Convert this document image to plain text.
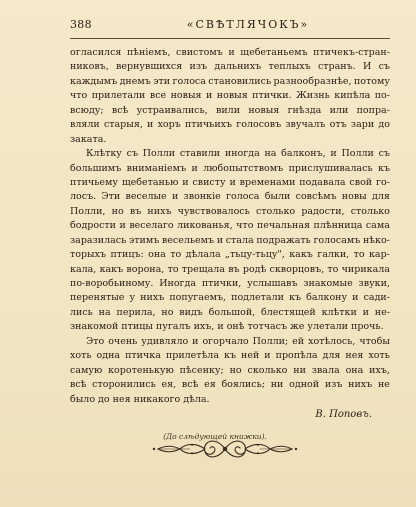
388	«СВѢТЛЯЧОКЪ»
огласился пѣніемъ, свистомъ и щебетаньемъ птичекъ-стран-
никовъ, вернувшихся изъ дальнихъ теплыхъ странъ. И съ
каждымъ днемъ эти голоса становились разнообразнѣе, потому
что прилетали все новыя и новыя птички. Жизнь кипѣла по-
всюду; всѣ устраивались, вили новыя гнѣзда или попра-
вляли старыя, и хоръ птичьихъ голосовъ звучалъ отъ зари до
заката.
Клѣтку съ Полли ставили иногда на балконъ, и Полли съ
большимъ вниманіемъ и любопытствомъ прислушивалась къ
птичьему щебетанью и свисту и временами подавала свой го-
лосъ. Эти веселые и звонкіе голоса были совсѣмъ новы для
Полли, но въ нихъ чувствовалось столько радости, столько
бодрости и веселаго ликованья, что печальная плѣнница сама
заразилась этимъ весельемъ и стала подражать голосамъ нѣко-
торыхъ птицъ: она то дѣлала „тьцу-тьцу", какъ галки, то кар-
кала, какъ ворона, то трещала въ родѣ скворцовъ, то чирикала
по-воробьиному. Иногда птички, услышавъ знакомые звуки,
перенятые у нихъ попугаемъ, подлетали къ балкону и сади-
лись на перила, но видъ большой, блестящей клѣтки и не-
знакомой птицы пугалъ ихъ, и онѣ тотчасъ же улетали прочь.
Это очень удивляло и огорчало Полли; ей хотѣлось, чтобы
хоть одна птичка прилетѣла къ ней и пропѣла для нея хоть
самую коротенькую пѣсенку; но сколько ни звала она ихъ,
всѣ сторонились ея, всѣ ея боялись; ни одной изъ нихъ не
было до нея никакого дѣла.
В. Поповъ.
(До слѣдующей книжки).
